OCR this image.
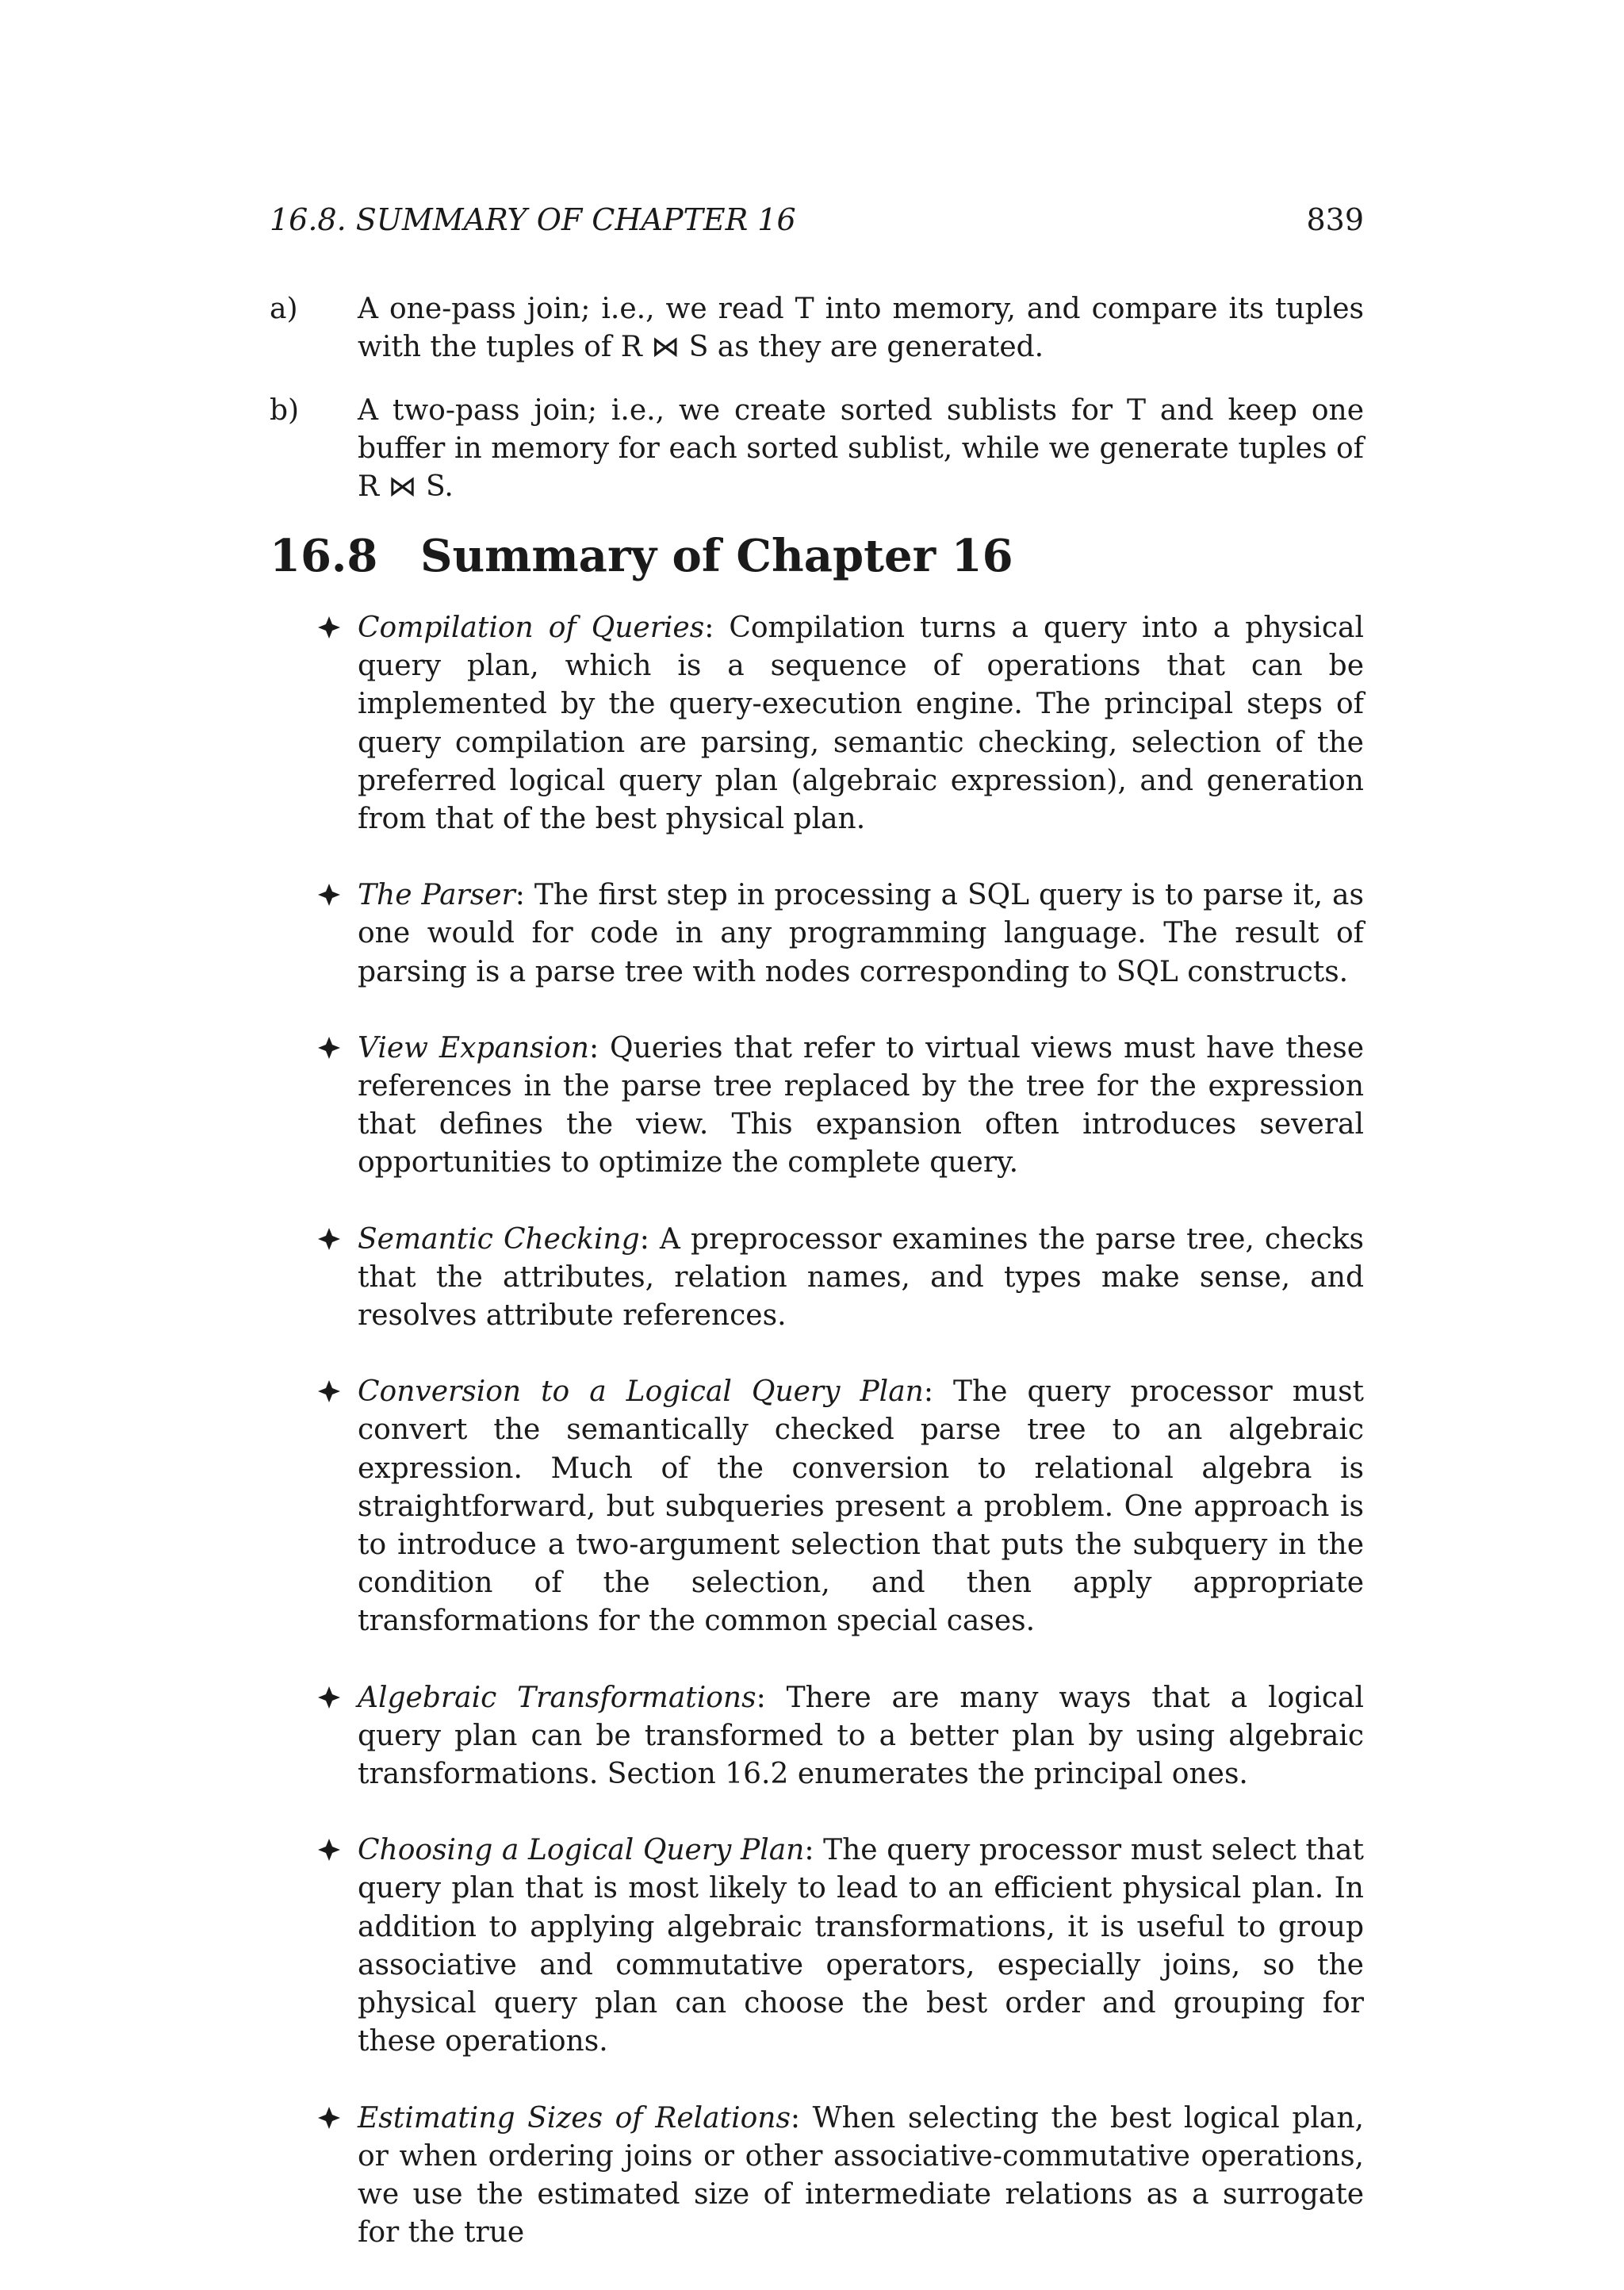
16.8. SUMMARY OF CHAPTER 16	839
a) A one-pass join; i.e., we read T into memory, and compare its tuples with the tuples of R ⋈ S as they are generated.
b) A two-pass join; i.e., we create sorted sublists for T and keep one buffer in memory for each sorted sublist, while we generate tuples of R ⋈ S.
16.8 Summary of Chapter 16
Compilation of Queries: Compilation turns a query into a physical query plan, which is a sequence of operations that can be implemented by the query-execution engine. The principal steps of query compilation are parsing, semantic checking, selection of the preferred logical query plan (algebraic expression), and generation from that of the best physical plan.
The Parser: The first step in processing a SQL query is to parse it, as one would for code in any programming language. The result of parsing is a parse tree with nodes corresponding to SQL constructs.
View Expansion: Queries that refer to virtual views must have these references in the parse tree replaced by the tree for the expression that defines the view. This expansion often introduces several opportunities to optimize the complete query.
Semantic Checking: A preprocessor examines the parse tree, checks that the attributes, relation names, and types make sense, and resolves attribute references.
Conversion to a Logical Query Plan: The query processor must convert the semantically checked parse tree to an algebraic expression. Much of the conversion to relational algebra is straightforward, but subqueries present a problem. One approach is to introduce a two-argument selection that puts the subquery in the condition of the selection, and then apply appropriate transformations for the common special cases.
Algebraic Transformations: There are many ways that a logical query plan can be transformed to a better plan by using algebraic transformations. Section 16.2 enumerates the principal ones.
Choosing a Logical Query Plan: The query processor must select that query plan that is most likely to lead to an efficient physical plan. In addition to applying algebraic transformations, it is useful to group associative and commutative operators, especially joins, so the physical query plan can choose the best order and grouping for these operations.
Estimating Sizes of Relations: When selecting the best logical plan, or when ordering joins or other associative-commutative operations, we use the estimated size of intermediate relations as a surrogate for the true
